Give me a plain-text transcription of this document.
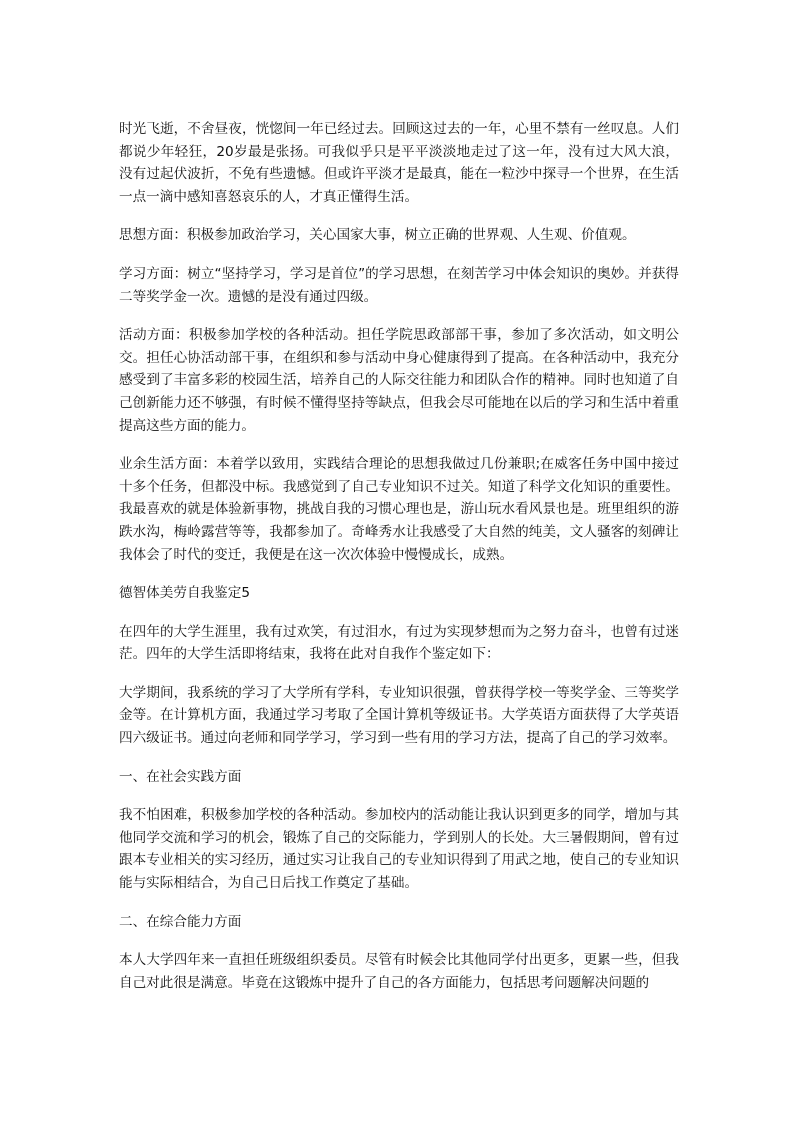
时光飞逝，不舍昼夜，恍惚间一年已经过去。回顾这过去的一年，心里不禁有一丝叹息。人们都说少年轻狂，20岁最是张扬。可我似乎只是平平淡淡地走过了这一年，没有过大风大浪，没有过起伏波折，不免有些遗憾。但或许平淡才是最真，能在一粒沙中探寻一个世界，在生活一点一滴中感知喜怒哀乐的人，才真正懂得生活。

思想方面：积极参加政治学习，关心国家大事，树立正确的世界观、人生观、价值观。

学习方面：树立“坚持学习，学习是首位”的学习思想，在刻苦学习中体会知识的奥妙。并获得二等奖学金一次。遗憾的是没有通过四级。

活动方面：积极参加学校的各种活动。担任学院思政部部干事，参加了多次活动，如文明公交。担任心协活动部干事，在组织和参与活动中身心健康得到了提高。在各种活动中，我充分感受到了丰富多彩的校园生活，培养自己的人际交往能力和团队合作的精神。同时也知道了自己创新能力还不够强，有时候不懂得坚持等缺点，但我会尽可能地在以后的学习和生活中着重提高这些方面的能力。

业余生活方面：本着学以致用，实践结合理论的思想我做过几份兼职;在威客任务中国中接过十多个任务，但都没中标。我感觉到了自己专业知识不过关。知道了科学文化知识的重要性。我最喜欢的就是体验新事物，挑战自我的习惯心理也是，游山玩水看风景也是。班里组织的游跌水沟，梅岭露营等等，我都参加了。奇峰秀水让我感受了大自然的纯美，文人骚客的刻碑让我体会了时代的变迁，我便是在这一次次体验中慢慢成长，成熟。

德智体美劳自我鉴定5

在四年的大学生涯里，我有过欢笑，有过泪水，有过为实现梦想而为之努力奋斗，也曾有过迷茫。四年的大学生活即将结束，我将在此对自我作个鉴定如下：

大学期间，我系统的学习了大学所有学科，专业知识很强，曾获得学校一等奖学金、三等奖学金等。在计算机方面，我通过学习考取了全国计算机等级证书。大学英语方面获得了大学英语四六级证书。通过向老师和同学学习，学习到一些有用的学习方法，提高了自己的学习效率。

一、在社会实践方面

我不怕困难，积极参加学校的各种活动。参加校内的活动能让我认识到更多的同学，增加与其他同学交流和学习的机会，锻炼了自己的交际能力，学到别人的长处。大三暑假期间，曾有过跟本专业相关的实习经历，通过实习让我自己的专业知识得到了用武之地，使自己的专业知识能与实际相结合，为自己日后找工作奠定了基础。

二、在综合能力方面

本人大学四年来一直担任班级组织委员。尽管有时候会比其他同学付出更多，更累一些，但我自己对此很是满意。毕竟在这锻炼中提升了自己的各方面能力，包括思考问题解决问题的
